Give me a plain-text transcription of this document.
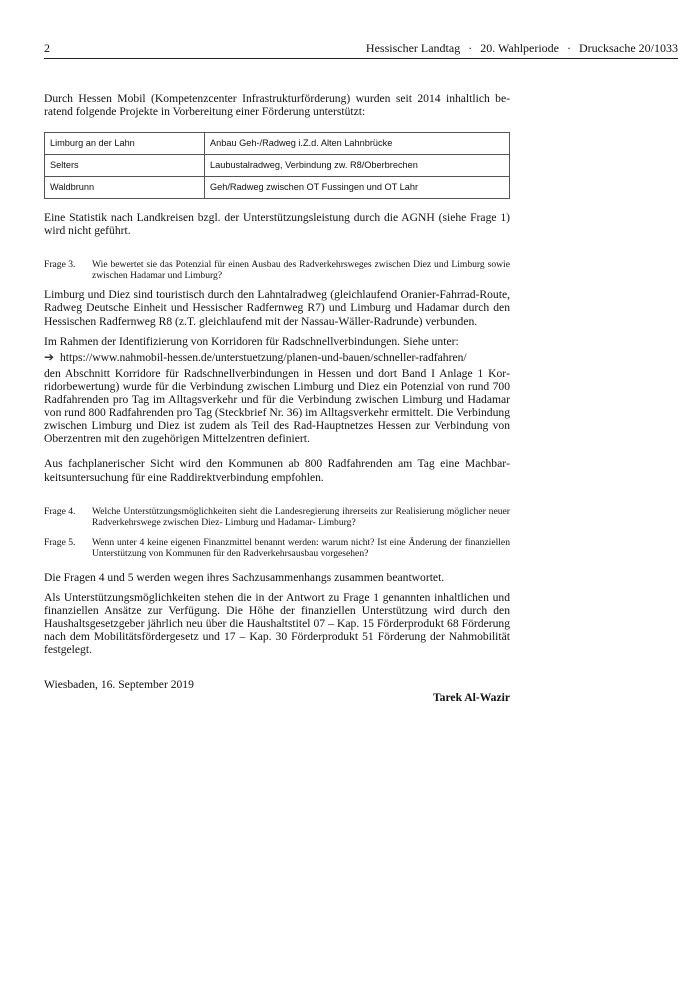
2	Hessischer Landtag · 20. Wahlperiode · Drucksache 20/1033

Durch Hessen Mobil (Kompetenzcenter Infrastrukturförderung) wurden seit 2014 inhaltlich beratend folgende Projekte in Vorbereitung einer Förderung unterstützt:

Limburg an der Lahn	Anbau Geh-/Radweg i.Z.d. Alten Lahnbrücke
Selters	Laubustalradweg, Verbindung zw. R8/Oberbrechen
Waldbrunn	Geh/Radweg zwischen OT Fussingen und OT Lahr

Eine Statistik nach Landkreisen bzgl. der Unterstützungsleistung durch die AGNH (siehe Frage 1) wird nicht geführt.

Frage 3.	Wie bewertet sie das Potenzial für einen Ausbau des Radverkehrsweges zwischen Diez und Limburg sowie zwischen Hadamar und Limburg?

Limburg und Diez sind touristisch durch den Lahntalradweg (gleichlaufend Oranier-Fahrrad-Route, Radweg Deutsche Einheit und Hessischer Radfernweg R7) und Limburg und Hadamar durch den Hessischen Radfernweg R8 (z.T. gleichlaufend mit der Nassau-Wäller-Radrunde) verbunden.

Im Rahmen der Identifizierung von Korridoren für Radschnellverbindungen. Siehe unter:

➔ https://www.nahmobil-hessen.de/unterstuetzung/planen-und-bauen/schneller-radfahren/

den Abschnitt Korridore für Radschnellverbindungen in Hessen und dort Band I Anlage 1 Korridorbewertung) wurde für die Verbindung zwischen Limburg und Diez ein Potenzial von rund 700 Radfahrenden pro Tag im Alltagsverkehr und für die Verbindung zwischen Limburg und Hadamar von rund 800 Radfahrenden pro Tag (Steckbrief Nr. 36) im Alltagsverkehr ermittelt. Die Verbindung zwischen Limburg und Diez ist zudem als Teil des Rad-Hauptnetzes Hessen zur Verbindung von Oberzentren mit den zugehörigen Mittelzentren definiert.

Aus fachplanerischer Sicht wird den Kommunen ab 800 Radfahrenden am Tag eine Machbarkeitsuntersuchung für eine Raddirektverbindung empfohlen.

Frage 4.	Welche Unterstützungsmöglichkeiten sieht die Landesregierung ihrerseits zur Realisierung möglicher neuer Radverkehrswege zwischen Diez- Limburg und Hadamar- Limburg?
Frage 5.	Wenn unter 4 keine eigenen Finanzmittel benannt werden: warum nicht? Ist eine Änderung der finanziellen Unterstützung von Kommunen für den Radverkehrsausbau vorgesehen?

Die Fragen 4 und 5 werden wegen ihres Sachzusammenhangs zusammen beantwortet.

Als Unterstützungsmöglichkeiten stehen die in der Antwort zu Frage 1 genannten inhaltlichen und finanziellen Ansätze zur Verfügung. Die Höhe der finanziellen Unterstützung wird durch den Haushaltsgesetzgeber jährlich neu über die Haushaltstitel 07 – Kap. 15 Förderprodukt 68 Förderung nach dem Mobilitätsfördergesetz und 17 – Kap. 30 Förderprodukt 51 Förderung der Nahmobilität festgelegt.

Wiesbaden, 16. September 2019
Tarek Al-Wazir
